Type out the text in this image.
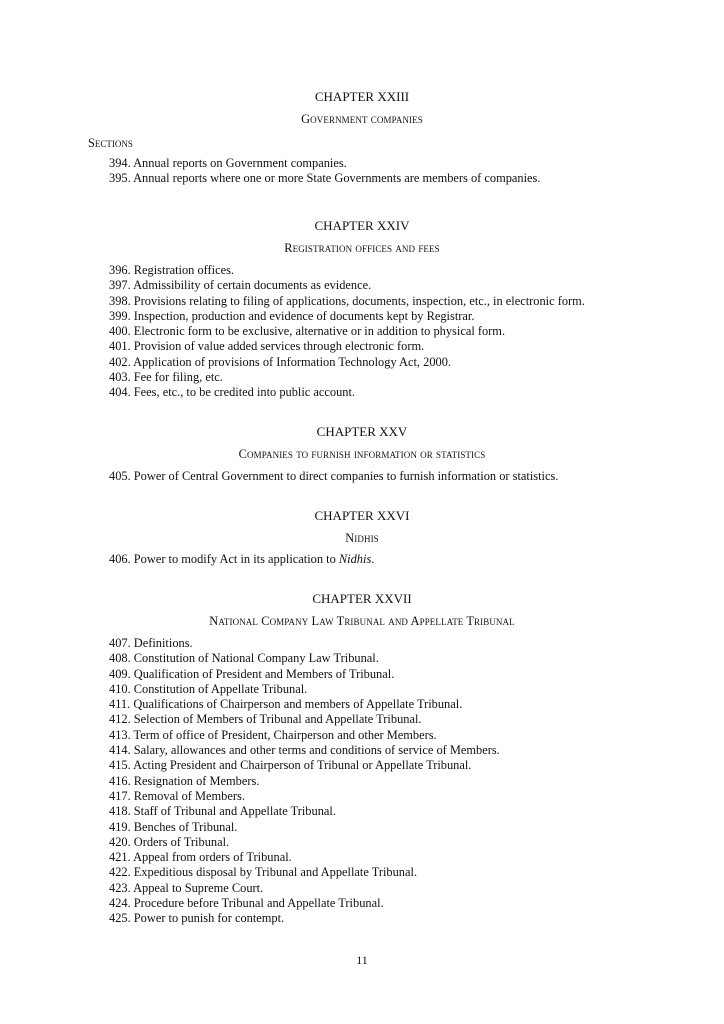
CHAPTER XXIII
Government companies
Sections
394. Annual reports on Government companies.
395. Annual reports where one or more State Governments are members of companies.
CHAPTER XXIV
Registration offices and fees
396. Registration offices.
397. Admissibility of certain documents as evidence.
398. Provisions relating to filing of applications, documents, inspection, etc., in electronic form.
399. Inspection, production and evidence of documents kept by Registrar.
400. Electronic form to be exclusive, alternative or in addition to physical form.
401. Provision of value added services through electronic form.
402. Application of provisions of Information Technology Act, 2000.
403. Fee for filing, etc.
404. Fees, etc., to be credited into public account.
CHAPTER XXV
Companies to furnish information or statistics
405. Power of Central Government to direct companies to furnish information or statistics.
CHAPTER XXVI
Nidhis
406. Power to modify Act in its application to Nidhis.
CHAPTER XXVII
National Company Law Tribunal and Appellate Tribunal
407. Definitions.
408. Constitution of National Company Law Tribunal.
409. Qualification of President and Members of Tribunal.
410. Constitution of Appellate Tribunal.
411. Qualifications of Chairperson and members of Appellate Tribunal.
412. Selection of Members of Tribunal and Appellate Tribunal.
413. Term of office of President, Chairperson and other Members.
414. Salary, allowances and other terms and conditions of service of Members.
415. Acting President and Chairperson of Tribunal or Appellate Tribunal.
416. Resignation of Members.
417. Removal of Members.
418. Staff of Tribunal and Appellate Tribunal.
419. Benches of Tribunal.
420. Orders of Tribunal.
421. Appeal from orders of Tribunal.
422. Expeditious disposal by Tribunal and Appellate Tribunal.
423. Appeal to Supreme Court.
424. Procedure before Tribunal and Appellate Tribunal.
425. Power to punish for contempt.
11
